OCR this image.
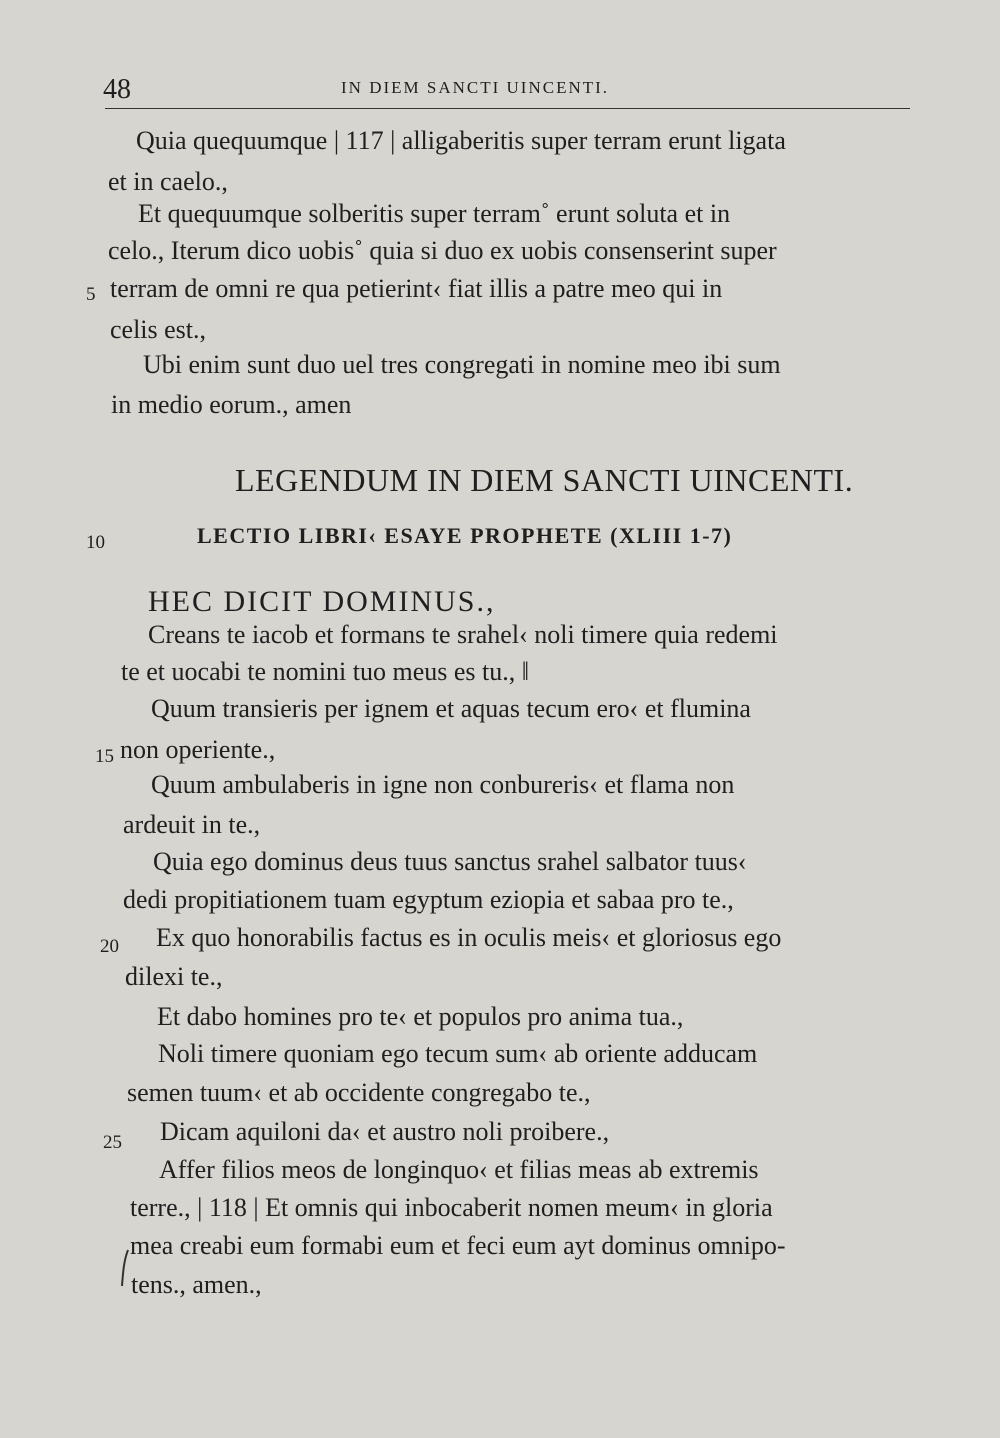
48	IN DIEM SANCTI UINCENTI.
Quia quequumque | 117 | alligaberitis super terram erunt ligata
et in caelo.,
Et quequumque solberitis super terram˚ erunt soluta et in
celo., Iterum dico uobis˚ quia si duo ex uobis consenserint super
terram de omni re qua petierint‹ fiat illis a patre meo qui in
celis est.,
Ubi enim sunt duo uel tres congregati in nomine meo ibi sum
in medio eorum., amen
5
LEGENDUM IN DIEM SANCTI UINCENTI.
10	LECTIO LIBRI‹ ESAYE PROPHETE (XLIII 1-7)
HEC DICIT DOMINUS.,
Creans te iacob et formans te srahel‹ noli timere quia redemi
te et uocabi te nomini tuo meus es tu., ‖
Quum transieris per ignem et aquas tecum ero‹ et flumina
15 non operiente.,
Quum ambulaberis in igne non conbureris‹ et flama non
ardeuit in te.,
Quia ego dominus deus tuus sanctus srahel salbator tuus‹
dedi propitiationem tuam egyptum eziopia et sabaa pro te.,
20 Ex quo honorabilis factus es in oculis meis‹ et gloriosus ego
dilexi te.,
Et dabo homines pro te‹ et populos pro anima tua.,
Noli timere quoniam ego tecum sum‹ ab oriente adducam
semen tuum‹ et ab occidente congregabo te.,
25 Dicam aquiloni da‹ et austro noli proibere.,
Affer filios meos de longinquo‹ et filias meas ab extremis
terre., | 118 | Et omnis qui inbocaberit nomen meum‹ in gloria
mea creabi eum formabi eum et feci eum ayt dominus omnipo-
tens., amen.,
